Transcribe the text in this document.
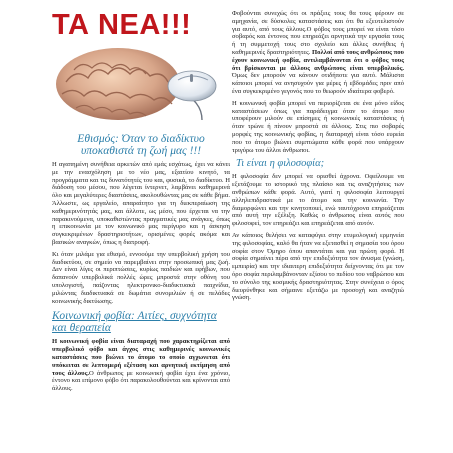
ΤΑ ΝΕΑ!!!
Εθισμός: Όταν το διαδίκτυο υποκαθιστά τη ζωή μας !!!

Η αγαπημένη συνήθεια αρκετών από εμάς εσχάτως, έχει να κάνει με την ενασχόληση με το νέο μας, εξαιτίου κινητό, τα προγράμματα και τις δυνατότητές του και, φυσικά, το διαδίκτυο. Η διάδοση του μέσου, που λέγεται ίντερνετ, λαμβάνει καθημερινά όλο και μεγαλύτερες διαστάσεις, ακολουθώντας μας σε κάθε βήμα. Άλλωστε, ως εργαλείο, απαραίτητο για τη διεκπεραίωση της καθημερινότητάς μας, και άλλοτε, ως μέσο, που έρχεται να την παρακινούμενα, υποκαθιστώντας πραγματικές μας ανάγκες, όπως η επικοινωνία με τον κοινωνικό μας περίγυρο και η άσκηση συγκεκριμένων δραστηριοτήτων, ορισμένες φορές ακόμα και βασικών αναγκών, όπως η διατροφή.

Κι όταν μιλάμε για εθισμό, εννοούμε την υπερβολική χρήση του διαδικτύου, σε σημείο να παρεμβαίνει στην προσωπική μας ζωή. Δεν είναι λίγες οι περιπτώσεις, κυρίως παιδιών και εφήβων, που δαπανούν υπερβολικά πολλές ώρες μπροστά στην οθόνη του υπολογιστή, παίζοντας ηλεκτρονικο-διαδικτυακά παιχνίδια, μιλώντας διαδικτυακά σε δωμάτια συνομιλιών ή σε πελάδες κοινωνικής δικτύωσης.

Κοινωνική φοβία: Αιτίες, συχνότητα και θεραπεία

Η κοινωνική φοβία είναι διαταραχή που χαρακτηρίζεται από υπερβολικό φόβο και άγχος στις καθημερινές κοινωνικές καταστάσεις που βιώνει το άτομο το οποίο αγχωνεται ότι υπόκειται σε λεπτομερή εξέταση και αρνητική εκτίμηση από τους άλλους.Ο άνθρωπος με κοινωνική φοβία έχει ένα χρόνιο, έντονο και επίμονο φόβο ότι παρακολουθούνται και κρίνονται από άλλους.

Φοβούνται συνεχώς ότι οι πράξεις τους θα τους φέρουν σε αμηχανία, σε δύσκολες καταστάσεις και ότι θα εξευτελιστούν για αυτό, από τους άλλους.Ο φόβος τους μπορεί να είναι τόσο σοβαρός και έντονος που επηρεάζει αρνητικά την εργασία τους ή τη συμμετοχή τους στο σχολείο και άλλες συνήθεις ή καθημερινές δραστηριότητες. Πολλοί από τους ανθρώπους που έχουν κοινωνική φοβία, αντιλαμβάνονται ότι ο φόβος τους ότι βρίσκονται με άλλους ανθρώπους είναι υπερβολικός. Όμως δεν μπορούν να κάνουν οτιδήποτε για αυτό. Μάλιστα κάποιοι μπορεί να ανησυχούν για μέρες ή εβδομάδες πριν από ένα συγκεκριμένο γεγονός που το θεωρούν ιδιαίτερα φοβερό.

Η κοινωνική φοβία μπορεί να περιορίζεται σε ένα μόνο είδος καταστάσεων όπως για παράδειγμα όταν το άτομο που υποφέρουν μιλούν σε επίσημες ή κοινωνικές καταστάσεις ή όταν τρώνε ή πίνουν μπροστά σε άλλους. Στις πιο σοβαρές μορφές της κοινωνικής φοβίας, η διαταραχή είναι τόσο ευρεία που το άτομο βιώνει συμπτώματα κάθε φορά που υπάρχουν τριγύρω του άλλοι άνθρωποι.

Τι είναι η φιλοσοφία;

Η φιλοσοφία δεν μπορεί να ορισθεί άχρονα. Οφείλουμε να εξετάζουμε το ιστορικό της πλαίσιο και τις αναζητήσεις των ανθρώπων κάθε φορά. Αυτό, γιατί η φιλοσοφία λειτουργεί αλληλεπιδραστικά με το άτομο και την κοινωνία. Την διαμορφώνει και την κινητοποιεί, ενώ ταυτόχρονα επηρεάζεται από αυτή την εξέλιξη. Καθώς ο άνθρωπος είναι αυτός που φιλοσοφεί, τον επηρεάζει και επηρεάζεται από αυτόν.

Αν κάποιος θελήσει να καταφύγει στην ετυμολογική ερμηνεία της φιλοσοφίας, καλό θα ήταν να εξετασθεί η σημασία του όρου σοφία στον Όμηρο όπου απαντάται και για πρώτη φορά. Η σοφία σημαίνει πέρα από την επιδεξιότητα τον άνυσμα (γνώση, εμπειρία) και την ιδιαιτερη επιδεξιότητα δείχνοντας ότι με τον όρο σοφία περιλαμβάνονταν εξίσου το πεδίου του ναβρώπου και το σύνολο της κοσμικής δραστηριότητας. Στην συνέχεια ο όρος διευρύνθηκε και σήμαινε εξετάζω με προσοχή και αναζητώ γνώση.
